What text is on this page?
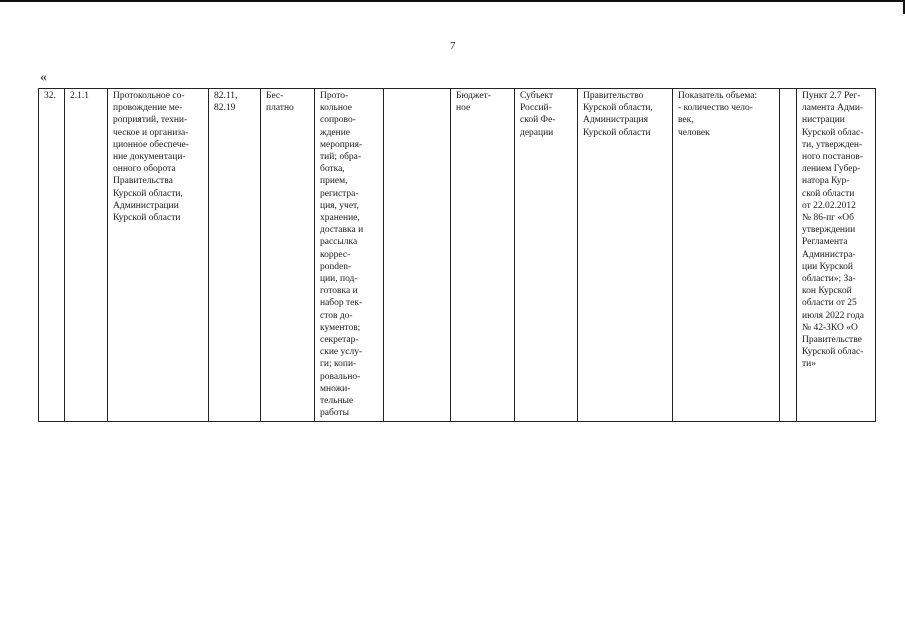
7
«
32.	2.1.1	Протокольное со-
провождение ме-
роприятий, техни-
ческое и организа-
ционное обеспече-
ние документаци-
онного оборота
Правительства
Курской области,
Администрации
Курской области	82.11,
82.19	Бес-
платно	Прото-
кольное
сопрово-
ждение
мероприя-
тий; обра-
ботка,
прием,
регистра-
ция, учет,
хранение,
доставка и
рассылка
коррес-
ponden-
ции, под-
готовка и
набор тек-
стов до-
кументов;
секретар-
ские услу-
ги; копи-
ровально-
множи-
тельные
работы		Бюджет-
ное	Субъект
Россий-
ской Фе-
дерации	Правительство
Курской области,
Администрация
Курской области	Показатель объема:
- количество чело-
век,
человек		Пункт 2.7 Рег-
ламента Адми-
нистрации
Курской облас-
ти, утвержден-
ного постанов-
лением Губер-
натора Кур-
ской области
от 22.02.2012
№ 86-пг «Об
утверждении
Регламента
Администра-
ции Курской
области»; За-
кон Курской
области от 25
июля 2022 года
№ 42-ЗКО «О
Правительстве
Курской облас-
ти»
